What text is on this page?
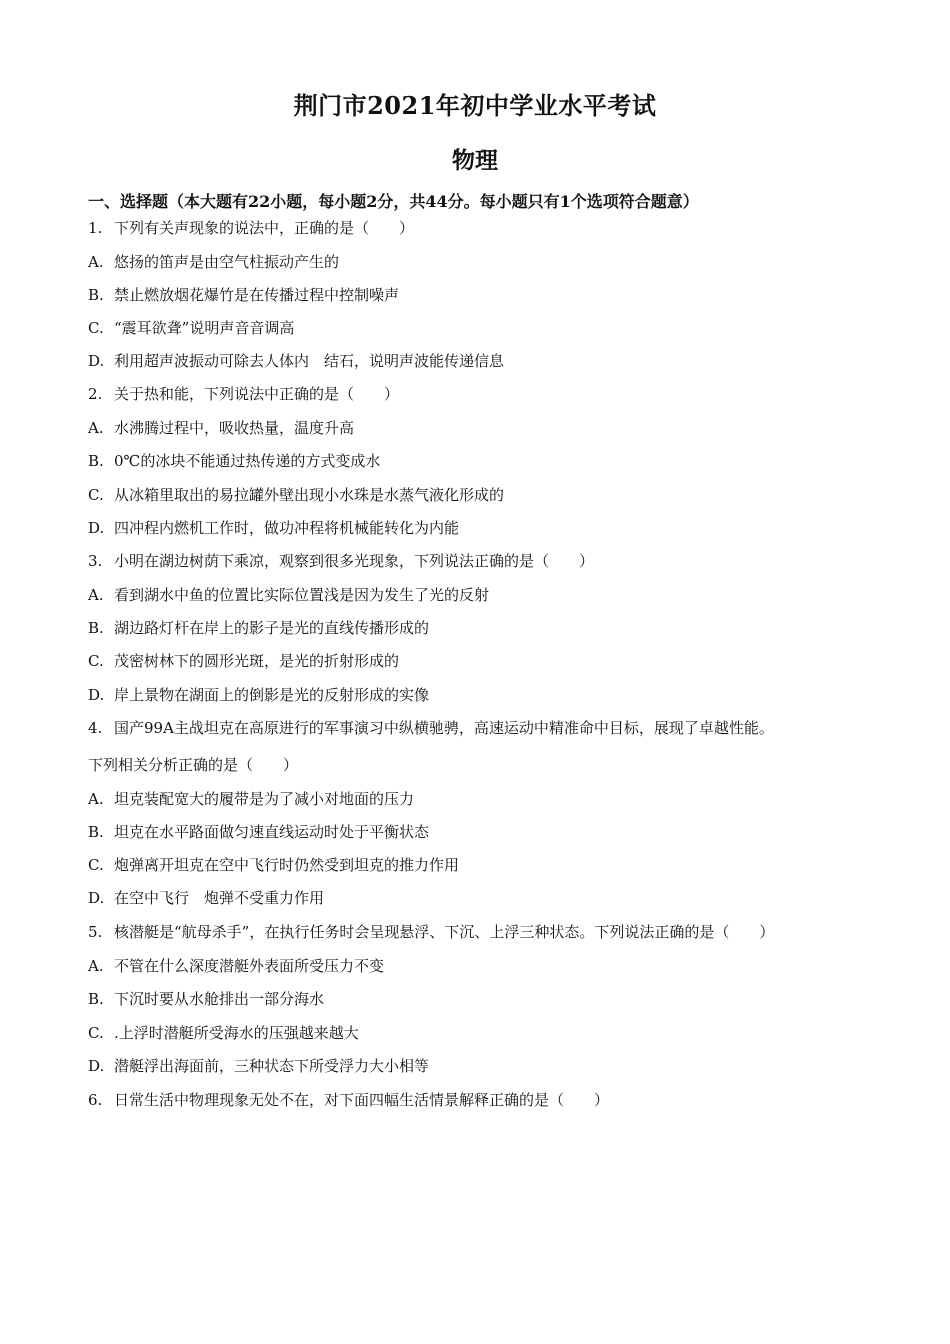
荆门市2021年初中学业水平考试
物理
一、选择题（本大题有22小题，每小题2分，共44分。每小题只有1个选项符合题意）
1. 下列有关声现象的说法中，正确的是（　　）
A. 悠扬的笛声是由空气柱振动产生的
B. 禁止燃放烟花爆竹是在传播过程中控制噪声
C. “震耳欲聋”说明声音音调高
D. 利用超声波振动可除去人体内　结石，说明声波能传递信息
2. 关于热和能，下列说法中正确的是（　　）
A. 水沸腾过程中，吸收热量，温度升高
B. 0℃的冰块不能通过热传递的方式变成水
C. 从冰箱里取出的易拉罐外壁出现小水珠是水蒸气液化形成的
D. 四冲程内燃机工作时，做功冲程将机械能转化为内能
3. 小明在湖边树荫下乘凉，观察到很多光现象，下列说法正确的是（　　）
A. 看到湖水中鱼的位置比实际位置浅是因为发生了光的反射
B. 湖边路灯杆在岸上的影子是光的直线传播形成的
C. 茂密树林下的圆形光斑，是光的折射形成的
D. 岸上景物在湖面上的倒影是光的反射形成的实像
4. 国产99A主战坦克在高原进行的军事演习中纵横驰骋，高速运动中精准命中目标，展现了卓越性能。
下列相关分析正确的是（　　）
A. 坦克装配宽大的履带是为了减小对地面的压力
B. 坦克在水平路面做匀速直线运动时处于平衡状态
C. 炮弹离开坦克在空中飞行时仍然受到坦克的推力作用
D. 在空中飞行　炮弹不受重力作用
5. 核潜艇是“航母杀手”，在执行任务时会呈现悬浮、下沉、上浮三种状态。下列说法正确的是（　　）
A. 不管在什么深度潜艇外表面所受压力不变
B. 下沉时要从水舱排出一部分海水
C. .上浮时潜艇所受海水的压强越来越大
D. 潜艇浮出海面前，三种状态下所受浮力大小相等
6. 日常生活中物理现象无处不在，对下面四幅生活情景解释正确的是（　　）
